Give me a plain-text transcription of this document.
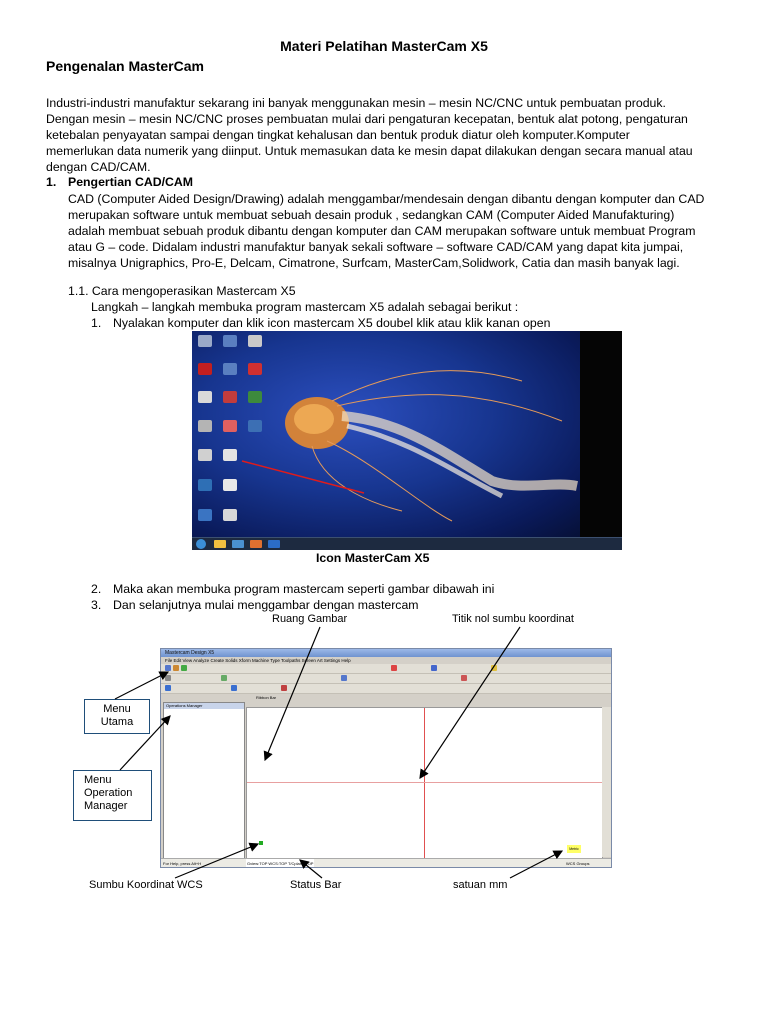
Materi Pelatihan MasterCam X5
Pengenalan MasterCam
Industri-industri manufaktur sekarang ini banyak menggunakan mesin – mesin NC/CNC untuk pembuatan produk.
Dengan mesin – mesin NC/CNC proses pembuatan mulai dari pengaturan kecepatan, bentuk alat potong, pengaturan
ketebalan penyayatan sampai dengan tingkat kehalusan dan bentuk produk diatur oleh komputer.Komputer
memerlukan data numerik yang diinput. Untuk memasukan data ke mesin dapat dilakukan dengan secara manual atau
dengan CAD/CAM.
1. Pengertian CAD/CAM
CAD (Computer Aided Design/Drawing) adalah menggambar/mendesain dengan dibantu dengan komputer dan CAD
merupakan software untuk membuat sebuah desain produk , sedangkan CAM (Computer Aided Manufakturing)
adalah membuat sebuah produk dibantu dengan komputer dan CAM merupakan software untuk membuat Program
atau G – code. Didalam industri manufaktur banyak sekali software – software CAD/CAM yang dapat kita jumpai,
misalnya Unigraphics, Pro-E, Delcam, Cimatrone, Surfcam, MasterCam,Solidwork, Catia dan masih banyak lagi.
1.1. Cara mengoperasikan Mastercam X5
Langkah – langkah membuka program mastercam X5 adalah sebagai berikut :
1. Nyalakan komputer dan klik icon mastercam X5 doubel klik atau klik kanan open
Icon MasterCam X5
2. Maka akan membuka program mastercam seperti gambar dibawah ini
3. Dan selanjutnya mulai menggambar dengan mastercam
Ruang Gambar	Titik nol sumbu koordinat
Mastercam Design X5
File Edit View Analyze Create Solids Xform Machine Type Toolpaths Screen Art Settings Help
Ribbon Bar
Operations Manager
Metric
For Help, press Alt+H	Gview:TOP WCS:TOP T/Cplane:TOP	WCS Groups
Menu
Utama
Menu
Operation
Manager
Sumbu Koordinat WCS	Status Bar	satuan mm
